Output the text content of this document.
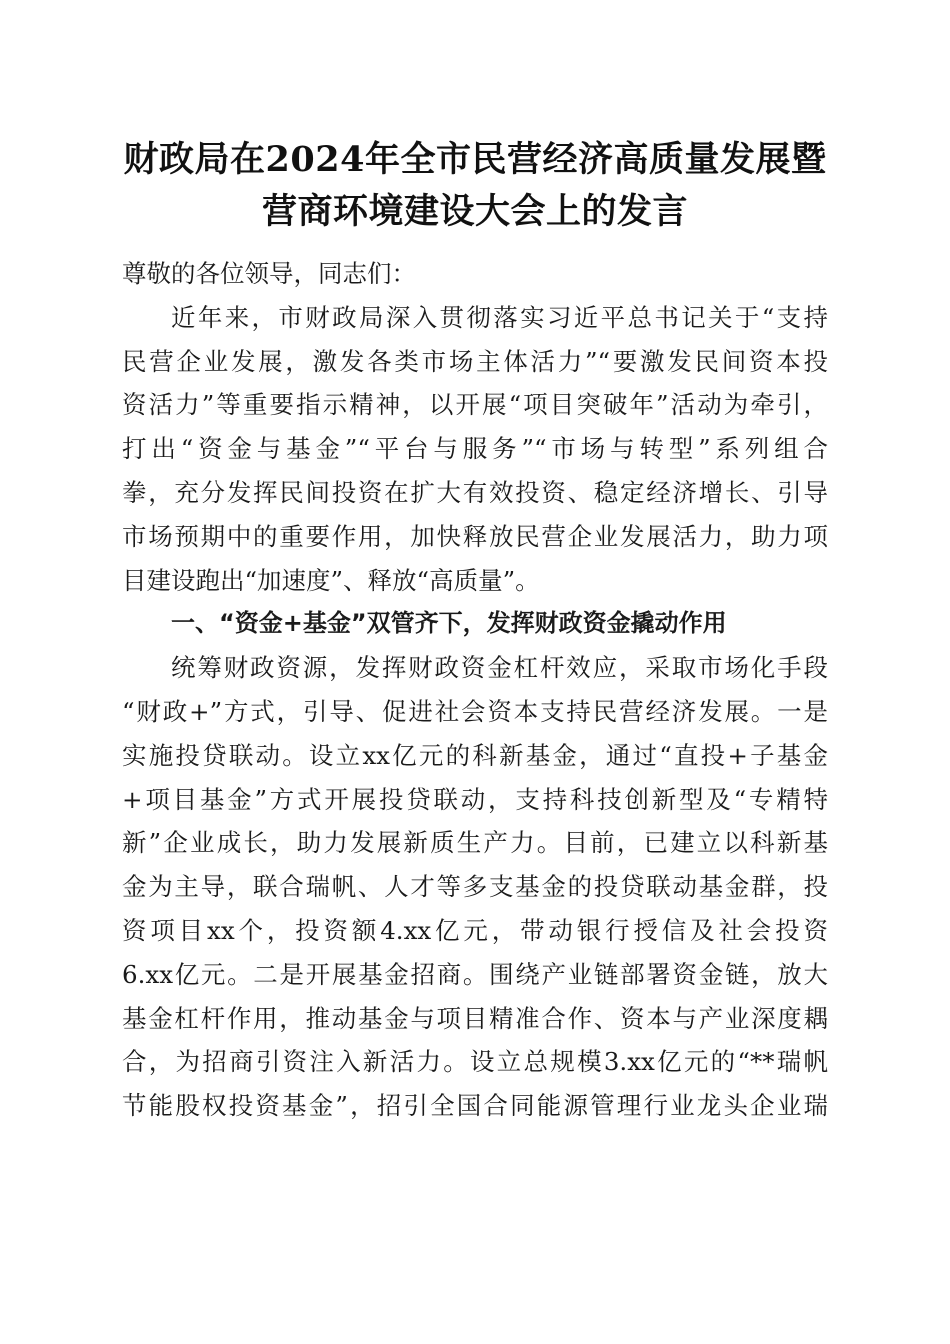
财政局在2024年全市民营经济高质量发展暨
营商环境建设大会上的发言
尊敬的各位领导，同志们：
近年来，市财政局深入贯彻落实习近平总书记关于“支持
民营企业发展，激发各类市场主体活力”“要激发民间资本投
资活力”等重要指示精神，以开展“项目突破年”活动为牵引，
打出“资金与基金”“平台与服务”“市场与转型”系列组合
拳，充分发挥民间投资在扩大有效投资、稳定经济增长、引导
市场预期中的重要作用，加快释放民营企业发展活力，助力项
目建设跑出“加速度”、释放“高质量”。
一、“资金+基金”双管齐下，发挥财政资金撬动作用
统筹财政资源，发挥财政资金杠杆效应，采取市场化手段
“财政+”方式，引导、促进社会资本支持民营经济发展。一是
实施投贷联动。设立xx亿元的科新基金，通过“直投+子基金
+项目基金”方式开展投贷联动，支持科技创新型及“专精特
新”企业成长，助力发展新质生产力。目前，已建立以科新基
金为主导，联合瑞帆、人才等多支基金的投贷联动基金群，投
资项目xx个，投资额4.xx亿元，带动银行授信及社会投资
6.xx亿元。二是开展基金招商。围绕产业链部署资金链，放大
基金杠杆作用，推动基金与项目精准合作、资本与产业深度耦
合，为招商引资注入新活力。设立总规模3.xx亿元的“**瑞帆
节能股权投资基金”，招引全国合同能源管理行业龙头企业瑞
